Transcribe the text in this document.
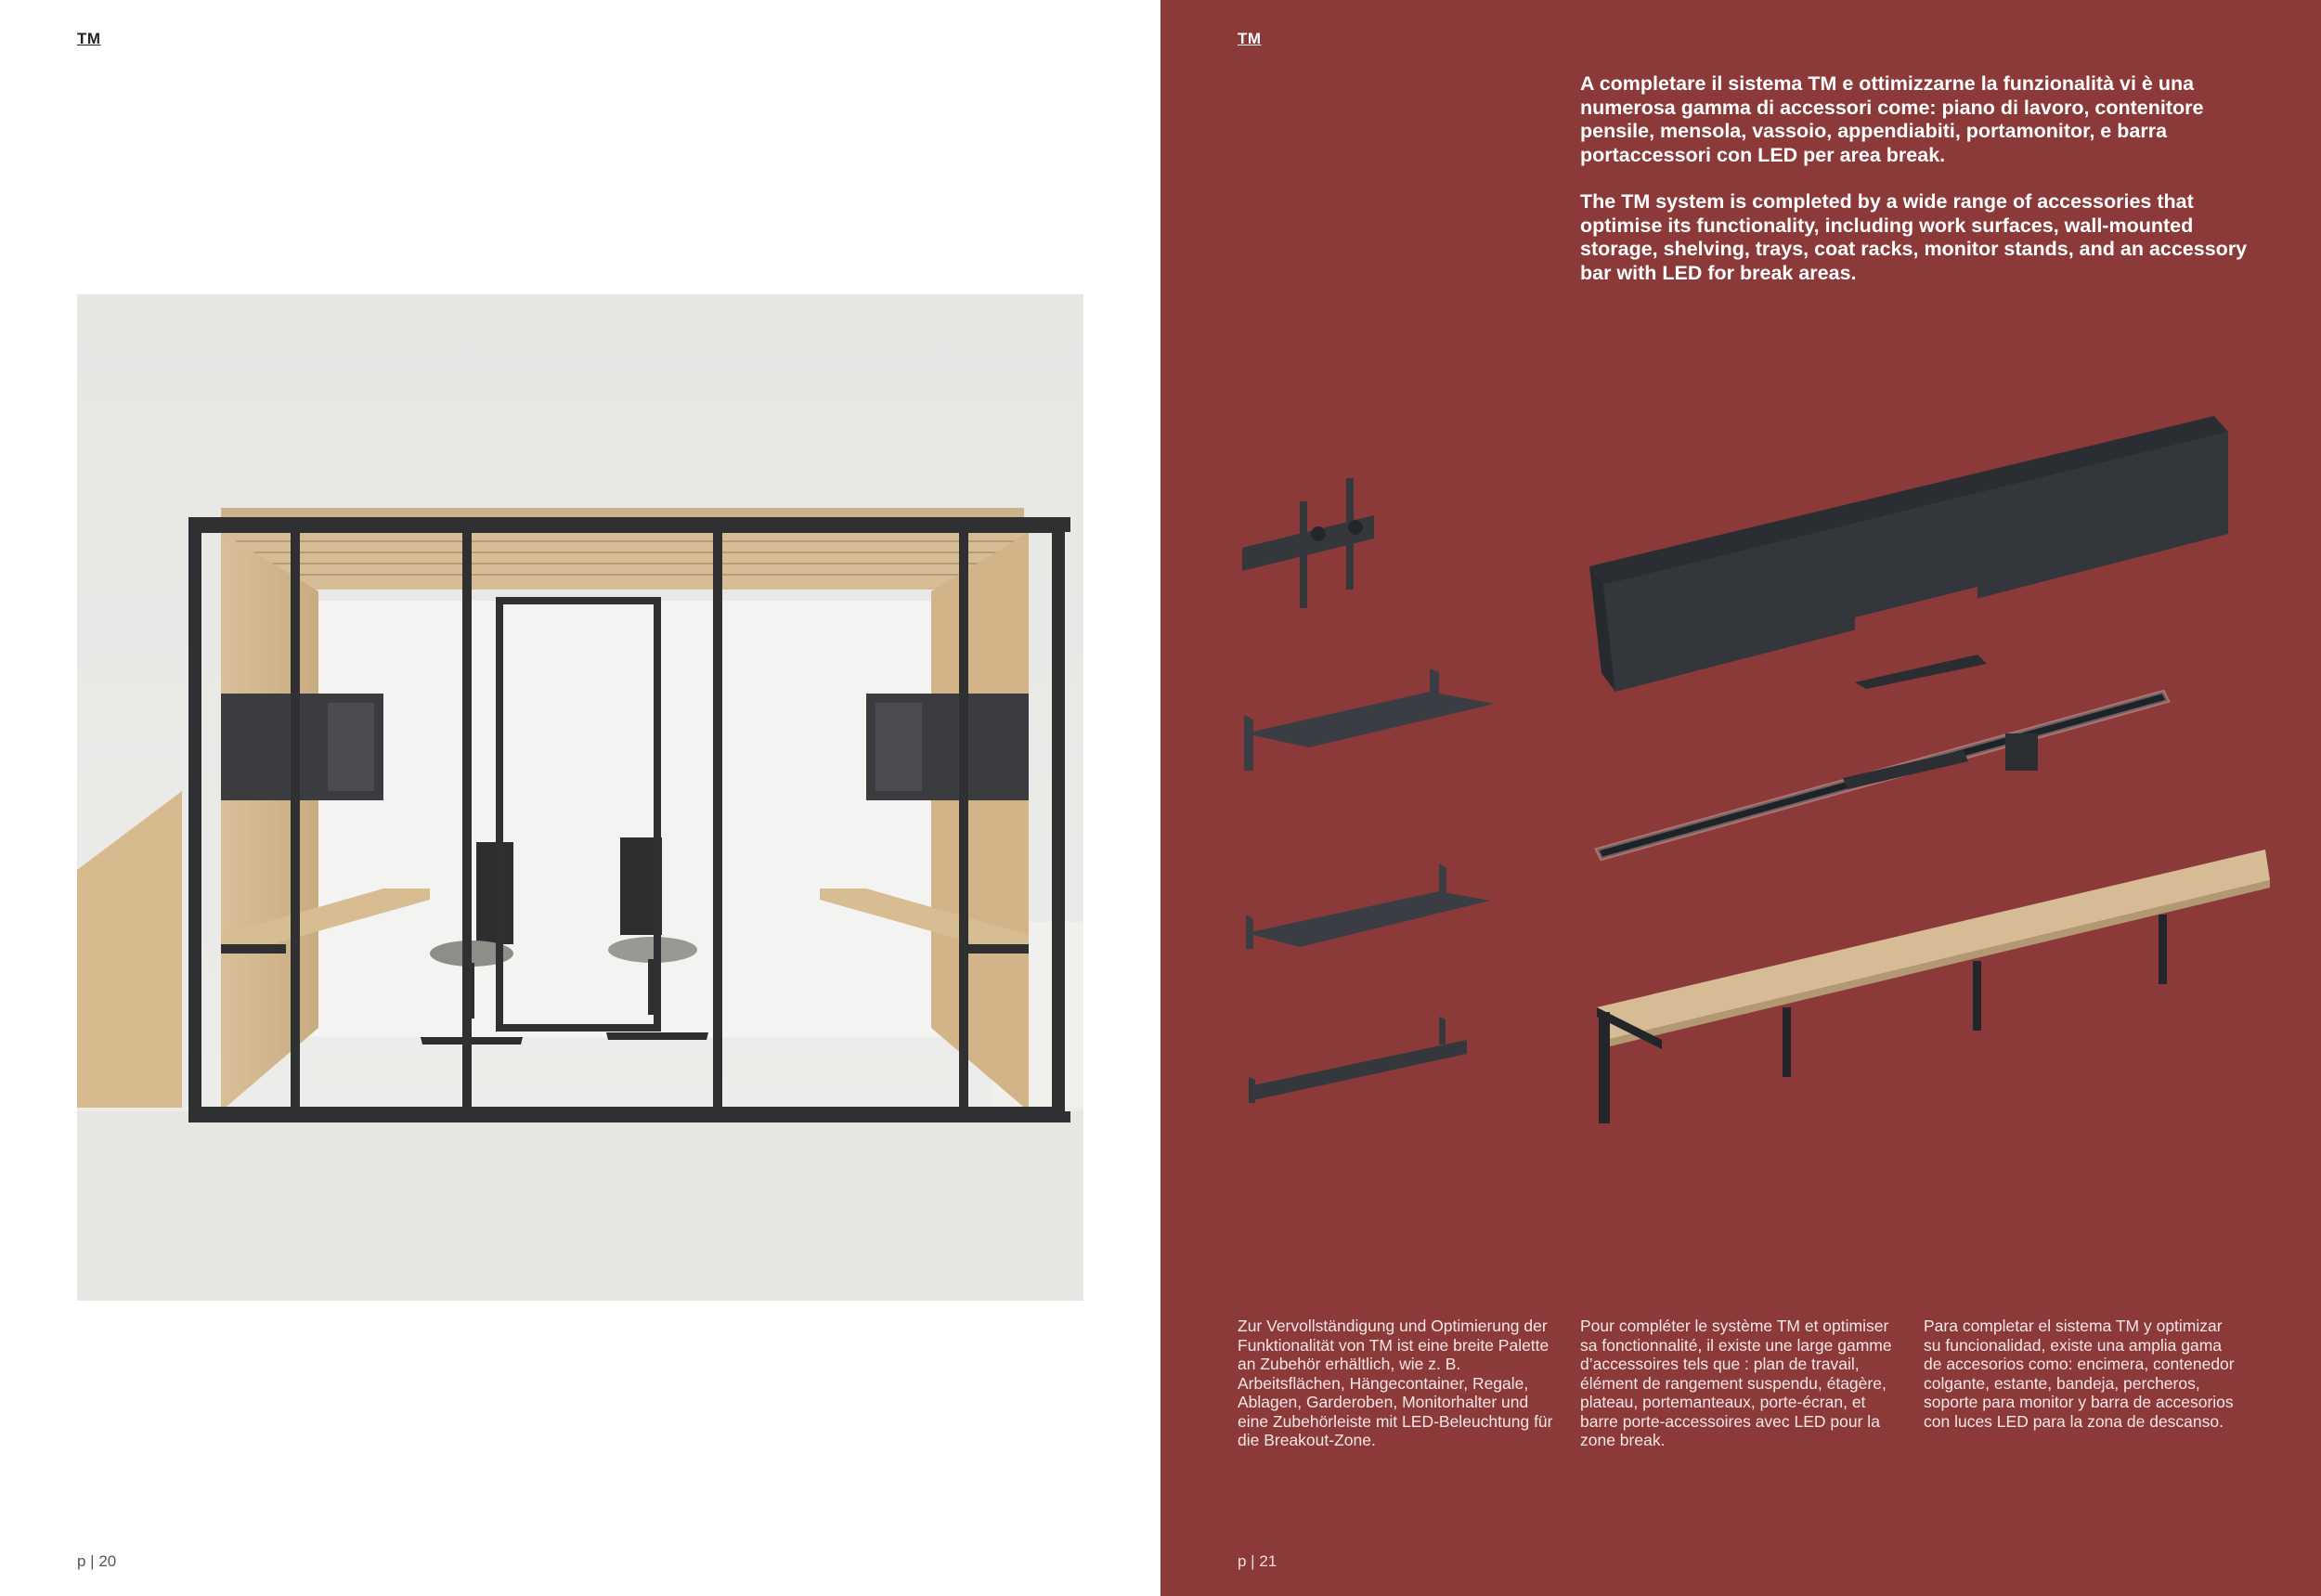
TM
p | 20
TM

A completare il sistema TM e ottimizzarne la funzionalità vi è una numerosa gamma di accessori come: piano di lavoro, contenitore pensile, mensola, vassoio, appendiabiti, portamonitor, e barra portaccessori con LED per area break.

The TM system is completed by a wide range of accessories that optimise its functionality, including work surfaces, wall-mounted storage, shelving, trays, coat racks, monitor stands, and an accessory bar with LED for break areas.

Zur Vervollständigung und Optimierung der Funktionalität von TM ist eine breite Palette an Zubehör erhältlich, wie z. B. Arbeitsflächen, Hängecontainer, Regale, Ablagen, Garderoben, Monitorhalter und eine Zubehörleiste mit LED-Beleuchtung für die Breakout-Zone.
Pour compléter le système TM et optimiser sa fonctionnalité, il existe une large gamme d’accessoires tels que : plan de travail, élément de rangement suspendu, étagère, plateau, portemanteaux, porte-écran, et barre porte-accessoires avec LED pour la zone break.
Para completar el sistema TM y optimizar su funcionalidad, existe una amplia gama de accesorios como: encimera, contenedor colgante, estante, bandeja, percheros, soporte para monitor y barra de accesorios con luces LED para la zona de descanso.
p | 21
